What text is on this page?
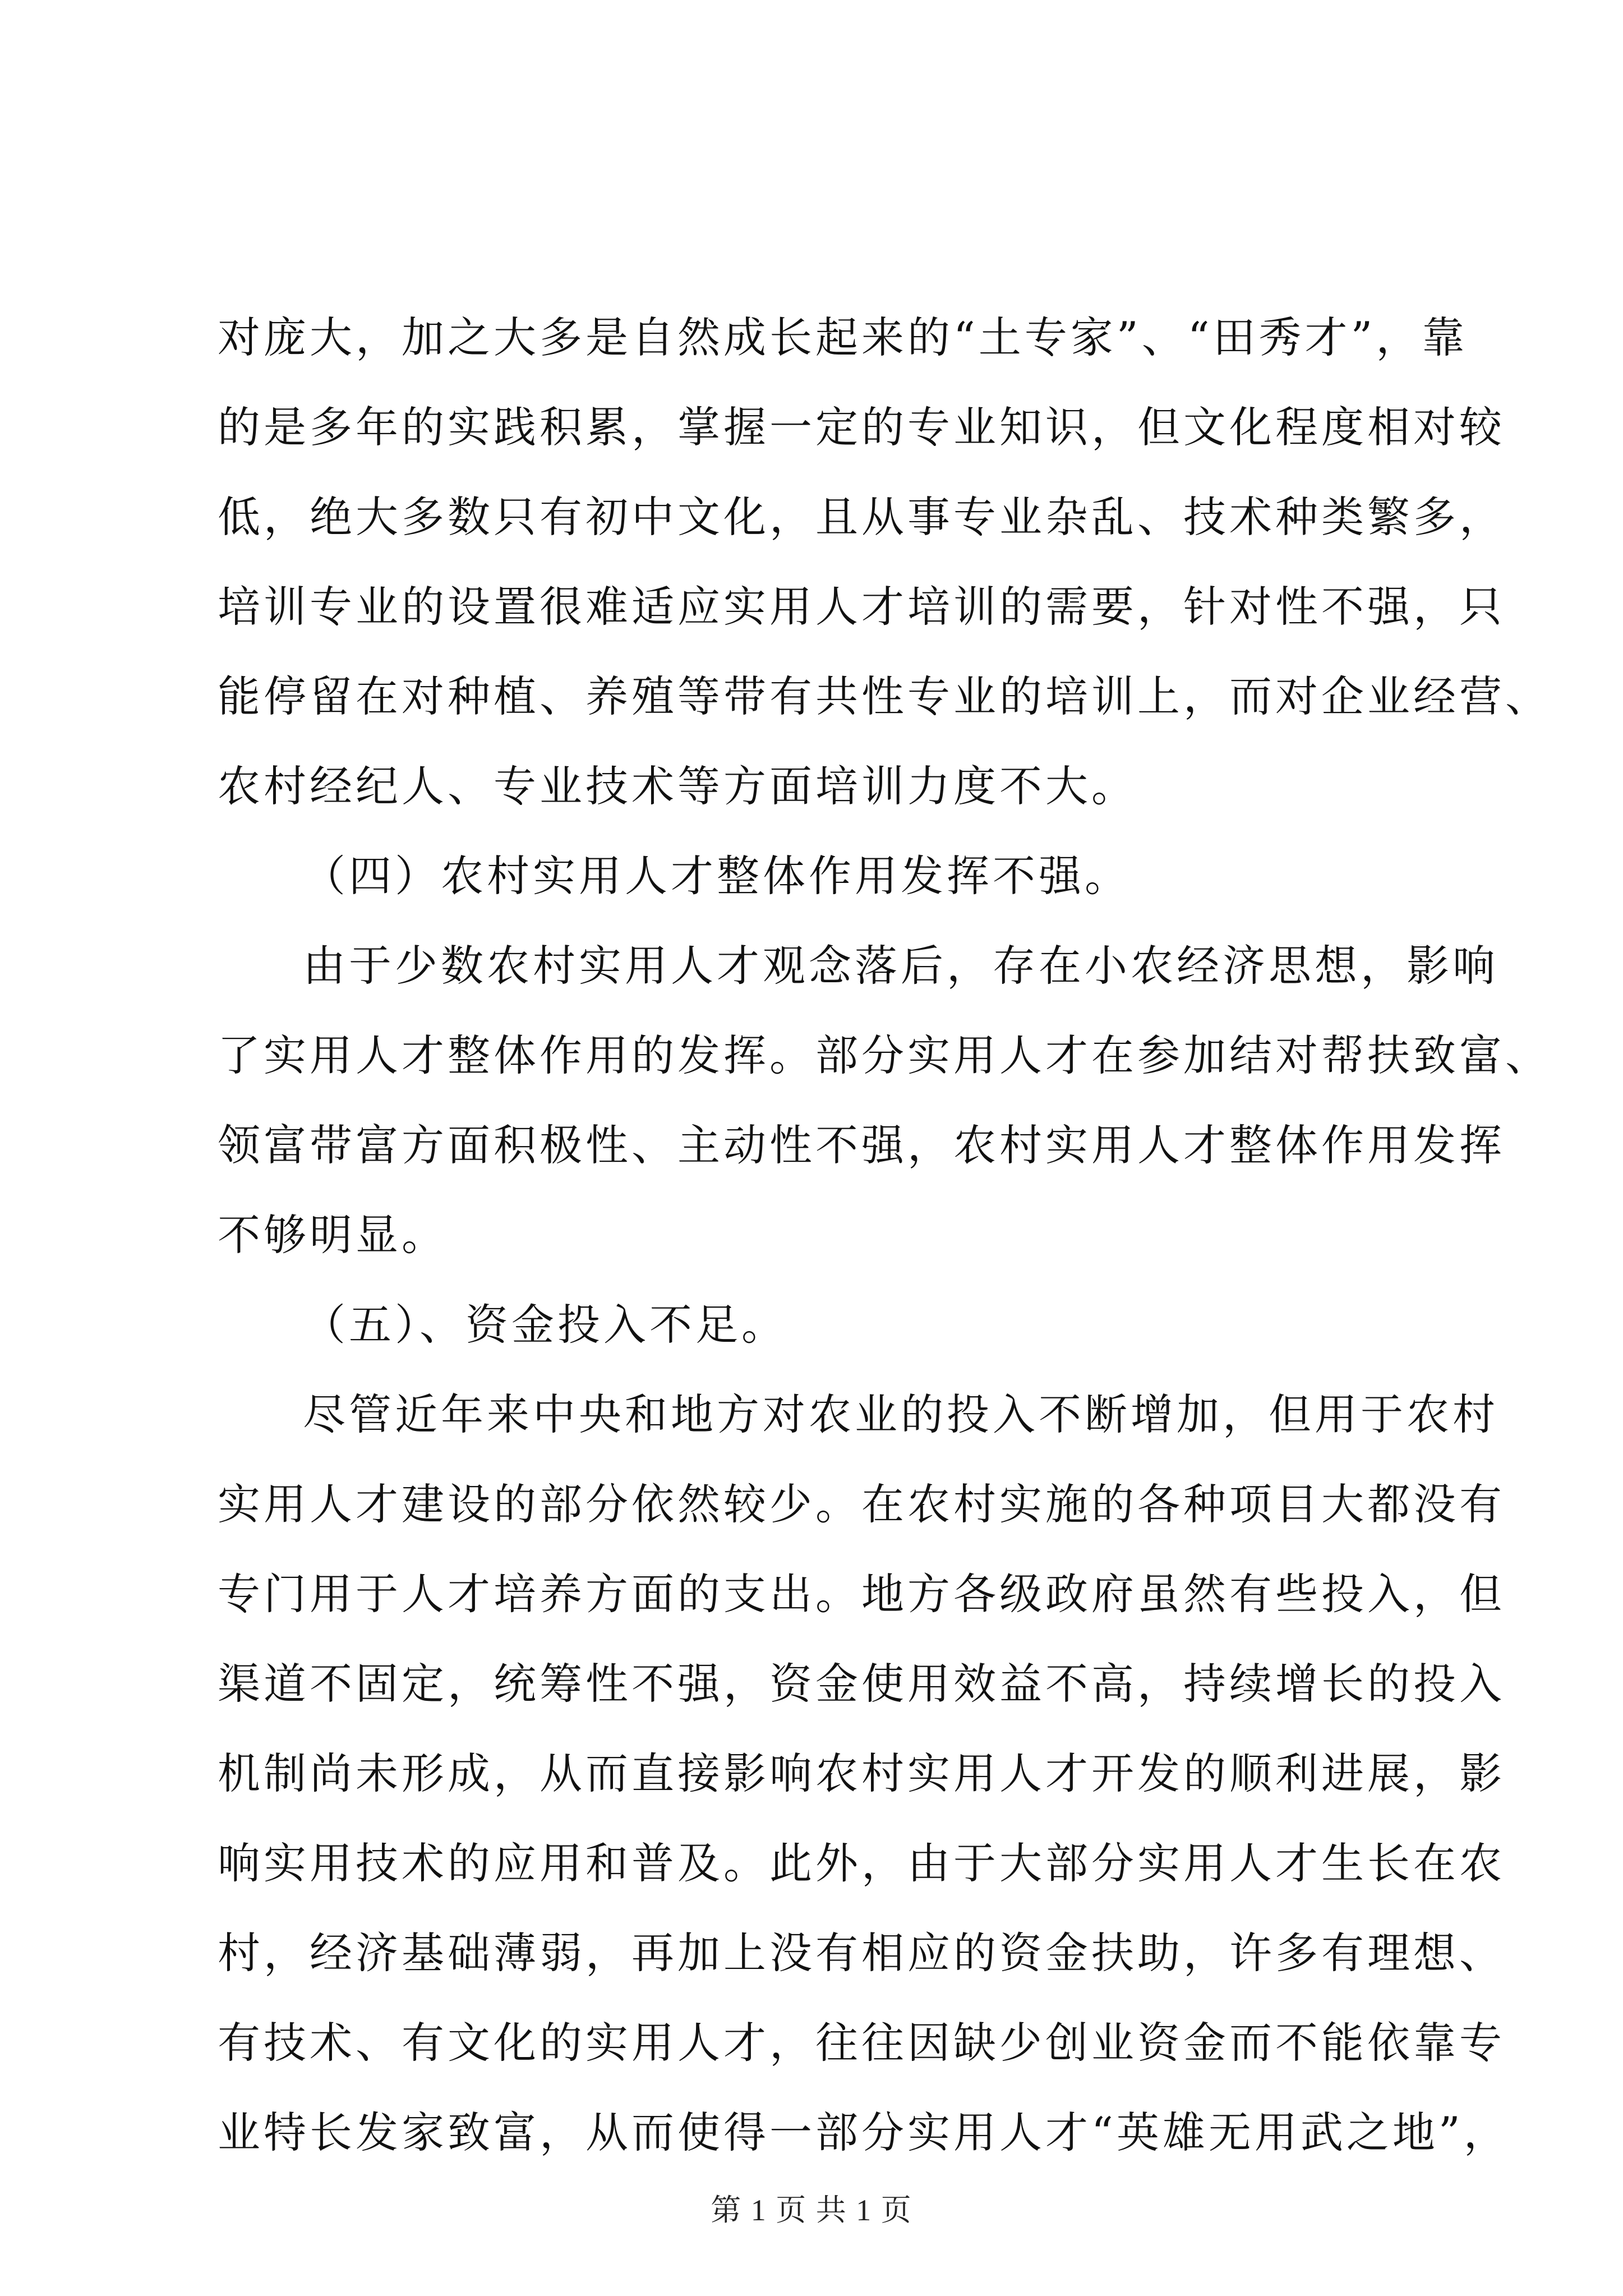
对庞大，加之大多是自然成长起来的“土专家”、“田秀才”，靠
的是多年的实践积累，掌握一定的专业知识，但文化程度相对较
低，绝大多数只有初中文化，且从事专业杂乱、技术种类繁多，
培训专业的设置很难适应实用人才培训的需要，针对性不强，只
能停留在对种植、养殖等带有共性专业的培训上，而对企业经营、
农村经纪人、专业技术等方面培训力度不大。
（四）农村实用人才整体作用发挥不强。
由于少数农村实用人才观念落后，存在小农经济思想，影响
了实用人才整体作用的发挥。部分实用人才在参加结对帮扶致富、
领富带富方面积极性、主动性不强，农村实用人才整体作用发挥
不够明显。
（五）、资金投入不足。
尽管近年来中央和地方对农业的投入不断增加，但用于农村
实用人才建设的部分依然较少。在农村实施的各种项目大都没有
专门用于人才培养方面的支出。地方各级政府虽然有些投入，但
渠道不固定，统筹性不强，资金使用效益不高，持续增长的投入
机制尚未形成，从而直接影响农村实用人才开发的顺利进展，影
响实用技术的应用和普及。此外，由于大部分实用人才生长在农
村，经济基础薄弱，再加上没有相应的资金扶助，许多有理想、
有技术、有文化的实用人才，往往因缺少创业资金而不能依靠专
业特长发家致富，从而使得一部分实用人才“英雄无用武之地”，
第 1 页 共 1 页
